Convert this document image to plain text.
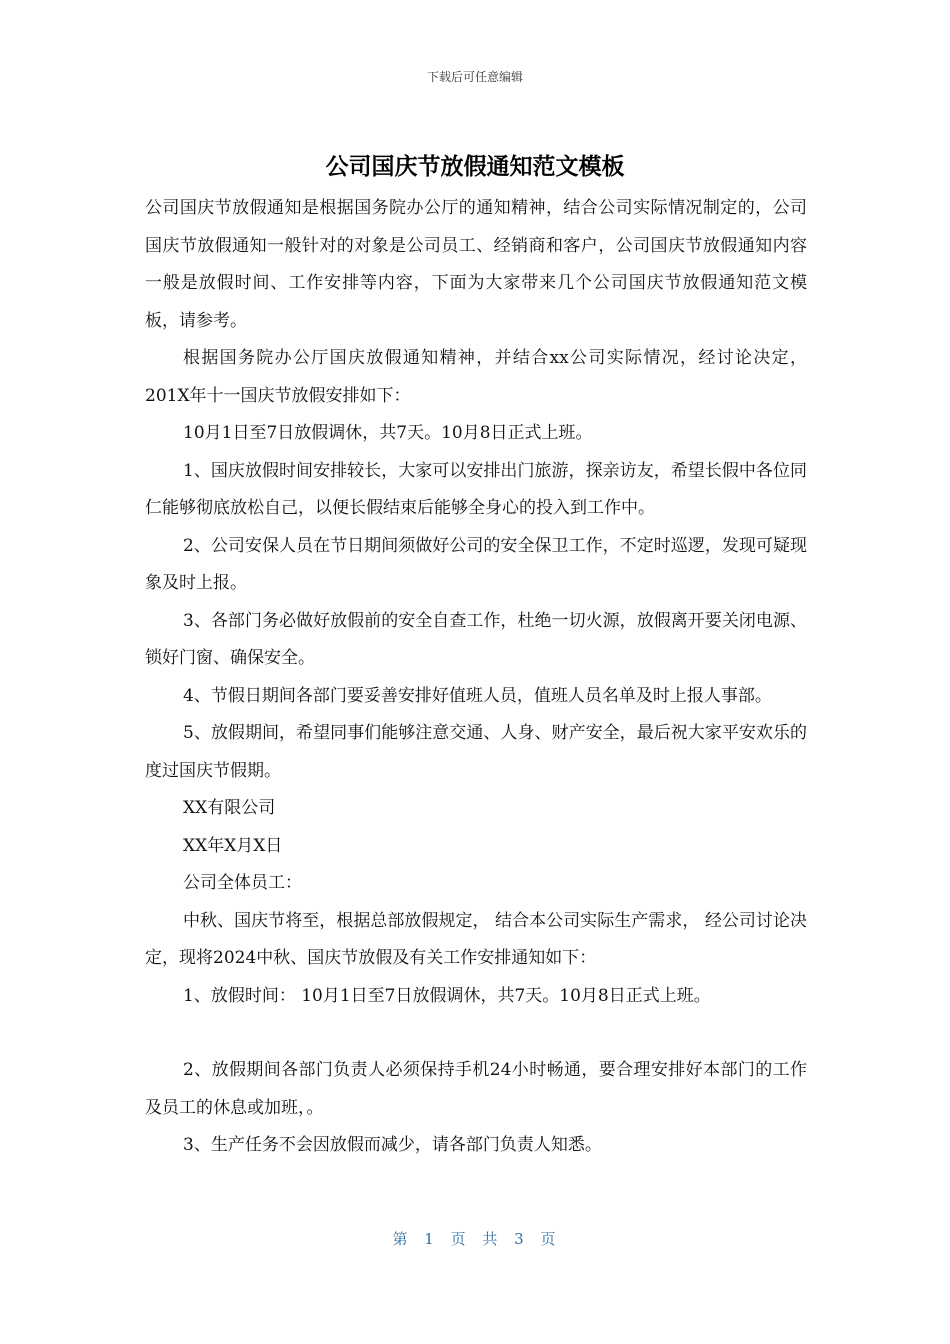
下载后可任意编辑
公司国庆节放假通知范文模板

公司国庆节放假通知是根据国务院办公厅的通知精神，结合公司实际情况制定的，公司国庆节放假通知一般针对的对象是公司员工、经销商和客户，公司国庆节放假通知内容一般是放假时间、工作安排等内容，下面为大家带来几个公司国庆节放假通知范文模板，请参考。

根据国务院办公厅国庆放假通知精神，并结合xx公司实际情况，经讨论决定，201X年十一国庆节放假安排如下：

10月1日至7日放假调休，共7天。10月8日正式上班。

1、国庆放假时间安排较长，大家可以安排出门旅游，探亲访友，希望长假中各位同仁能够彻底放松自己，以便长假结束后能够全身心的投入到工作中。

2、公司安保人员在节日期间须做好公司的安全保卫工作，不定时巡逻，发现可疑现象及时上报。

3、各部门务必做好放假前的安全自查工作，杜绝一切火源，放假离开要关闭电源、锁好门窗、确保安全。

4、节假日期间各部门要妥善安排好值班人员，值班人员名单及时上报人事部。

5、放假期间，希望同事们能够注意交通、人身、财产安全，最后祝大家平安欢乐的度过国庆节假期。

XX有限公司

XX年X月X日

公司全体员工：

中秋、国庆节将至，根据总部放假规定， 结合本公司实际生产需求， 经公司讨论决定，现将2024中秋、国庆节放假及有关工作安排通知如下：

1、放假时间： 10月1日至7日放假调休，共7天。10月8日正式上班。

2、放假期间各部门负责人必须保持手机24小时畅通，要合理安排好本部门的工作及员工的休息或加班，。

3、生产任务不会因放假而减少，请各部门负责人知悉。

第 1 页 共 3 页
